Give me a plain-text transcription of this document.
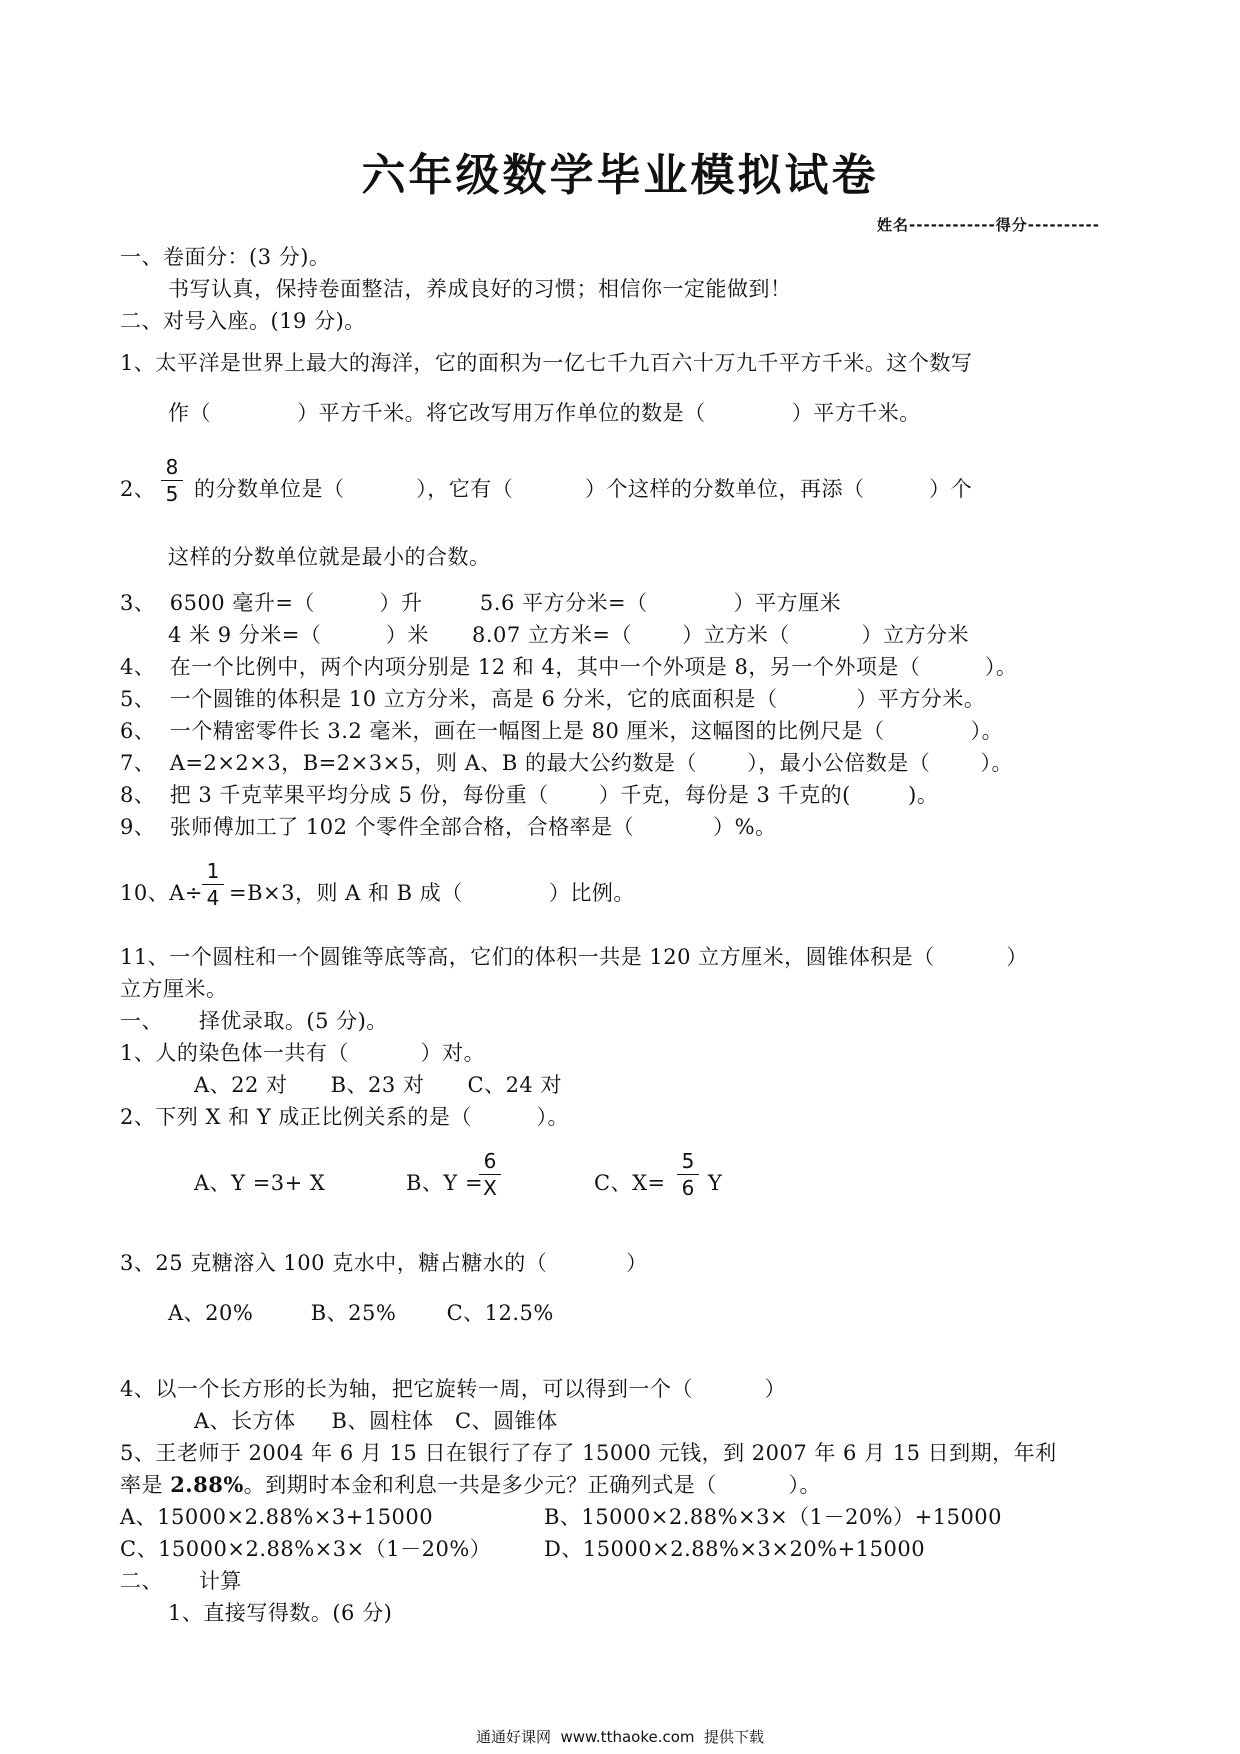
六年级数学毕业模拟试卷
姓名------------得分----------
一、卷面分：(3 分)。
书写认真，保持卷面整洁，养成良好的习惯；相信你一定能做到！
二、对号入座。(19 分)。
1、太平洋是世界上最大的海洋，它的面积为一亿七千九百六十万九千平方千米。这个数写
作（            ）平方千米。将它改写用万作单位的数是（            ）平方千米。
2、
8
5 的分数单位是（          ），它有（          ）个这样的分数单位，再添（         ）个
这样的分数单位就是最小的合数。
3、  6500 毫升=（         ）升        5.6 平方分米=（            ）平方厘米
4 米 9 分米=（         ）米      8.07 立方米=（       ）立方米（          ）立方分米
4、  在一个比例中，两个内项分别是 12 和 4，其中一个外项是 8，另一个外项是（         ）。
5、  一个圆锥的体积是 10 立方分米，高是 6 分米，它的底面积是（           ）平方分米。
6、  一个精密零件长 3.2 毫米，画在一幅图上是 80 厘米，这幅图的比例尺是（            ）。
7、  A=2×2×3，B=2×3×5，则 A、B 的最大公约数是（       ），最小公倍数是（       ）。
8、  把 3 千克苹果平均分成 5 份，每份重（       ）千克，每份是 3 千克的(        )。
9、  张师傅加工了 102 个零件全部合格，合格率是（           ）%。
10、A÷
1
4 =B×3，则 A 和 B 成（            ）比例。
11、一个圆柱和一个圆锥等底等高，它们的体积一共是 120 立方厘米，圆锥体积是（          ）
立方厘米。
一、     择优录取。(5 分)。
1、人的染色体一共有（          ）对。
A、22 对      B、23 对      C、24 对
2、下列 X 和 Y 成正比例关系的是（         ）。
A、Y =3+ X	B、Y =
6
X	C、X=
5
6 Y
3、25 克糖溶入 100 克水中，糖占糖水的（           ）
A、20%        B、25%       C、12.5%
4、以一个长方形的长为轴，把它旋转一周，可以得到一个（          ）
A、长方体     B、圆柱体   C、圆锥体
5、王老师于 2004 年 6 月 15 日在银行了存了 15000 元钱，到 2007 年 6 月 15 日到期，年利
率是 2.88%。到期时本金和利息一共是多少元？正确列式是（          ）。
A、15000×2.88%×3+15000	B、15000×2.88%×3×（1－20%）+15000
C、15000×2.88%×3×（1－20%）	D、15000×2.88%×3×20%+15000
二、     计算
1、直接写得数。(6 分)
通通好课网  www.tthaoke.com  提供下载
